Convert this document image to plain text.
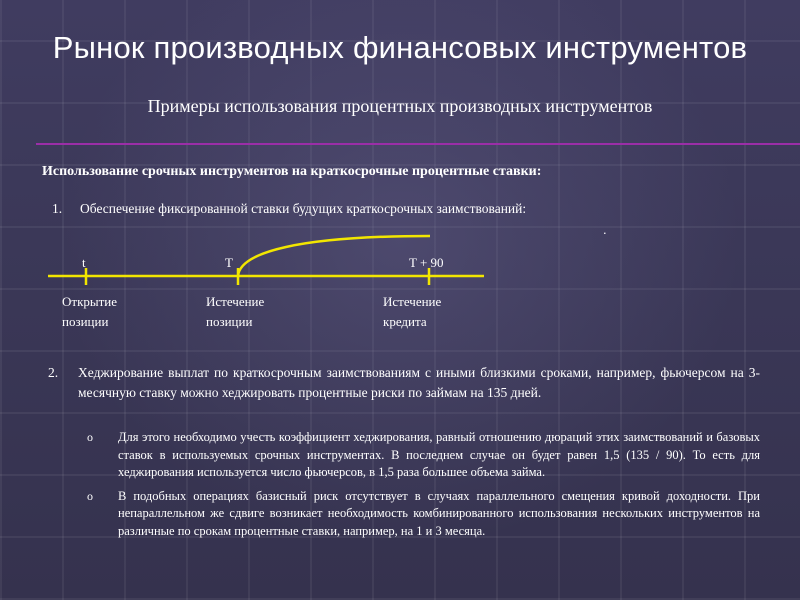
Рынок производных финансовых инструментов
Примеры использования процентных производных инструментов
Использование срочных инструментов на краткосрочные процентные ставки:
1. Обеспечение фиксированной ставки будущих краткосрочных заимствований:
.
t	T	T + 90
Открытие
позиции
Истечение
позиции
Истечение
кредита
2. Хеджирование выплат по краткосрочным заимствованиям с иными близкими сроками, например, фьючерсом на 3-месячную ставку можно хеджировать процентные риски по займам на 135 дней.
o Для этого необходимо учесть коэффициент хеджирования, равный отношению дюраций этих заимствований и базовых ставок в используемых срочных инструментах. В последнем случае он будет равен 1,5 (135 / 90). То есть для хеджирования используется число фьючерсов, в 1,5 раза большее объема займа.
o В подобных операциях базисный риск отсутствует в случаях параллельного смещения кривой доходности. При непараллельном же сдвиге возникает необходимость комбинированного использования нескольких инструментов на различные по срокам процентные ставки, например, на 1 и 3 месяца.
